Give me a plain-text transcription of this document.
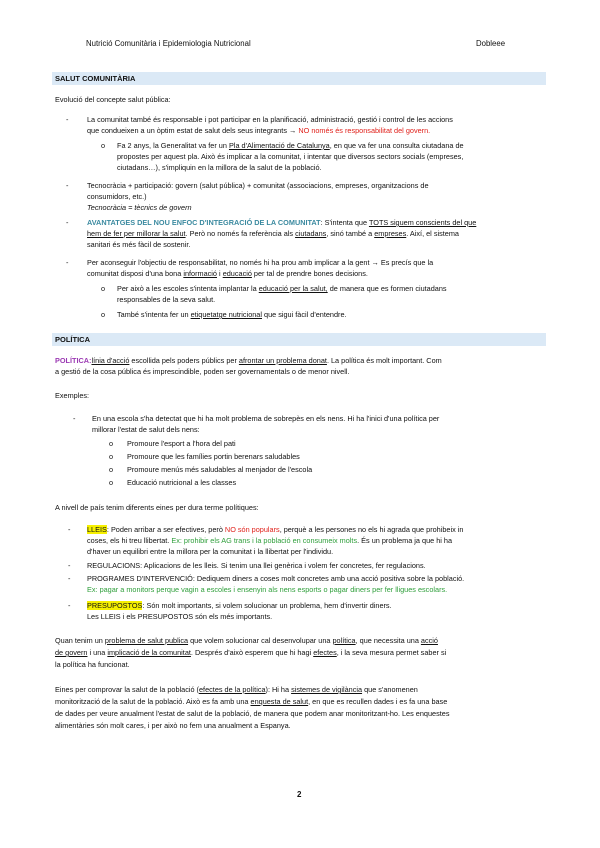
Nutrició Comunitària i Epidemiologia Nutricional	Dobleee
SALUT COMUNITÀRIA
Evolució del concepte salut pública:
-	La comunitat també és responsable i pot participar en la planificació, administració, gestió i control de les accions
que condueixen a un òptim estat de salut dels seus integrants → NO només és responsabilitat del govern.
o Fa 2 anys, la Generalitat va fer un Pla d'Alimentació de Catalunya, en que va fer una consulta ciutadana de
propostes per aquest pla. Això és implicar a la comunitat, i intentar que diversos sectors socials (empreses,
ciutadans…), s'impliquin en la millora de la salut de la població.
-	Tecnocràcia + participació: govern (salut pública) + comunitat (associacions, empreses, organitzacions de
consumidors, etc.)
Tecnocràcia = tècnics de govern
-	AVANTATGES DEL NOU ENFOC D'INTEGRACIÓ DE LA COMUNITAT: S'intenta que TOTS siguem conscients del que
hem de fer per millorar la salut. Però no només fa referència als ciutadans, sinó també a empreses. Així, el sistema
sanitari és més fàcil de sostenir.
-	Per aconseguir l'objectiu de responsabilitat, no només hi ha prou amb implicar a la gent → Es precís que la
comunitat disposi d'una bona informació i educació per tal de prendre bones decisions.
o Per això a les escoles s'intenta implantar la educació per la salut, de manera que es formen ciutadans
responsables de la seva salut.
o També s'intenta fer un etiquetatge nutricional que sigui fàcil d'entendre.
POLÍTICA
POLÍTICA:línia d'acció escollida pels poders públics per afrontar un problema donat. La política és molt important. Com
a gestió de la cosa pública és imprescindible, poden ser governamentals o de menor nivell.
Exemples:
- En una escola s'ha detectat que hi ha molt problema de sobrepès en els nens. Hi ha l'inici d'una política per
millorar l'estat de salut dels nens:
o Promoure l'esport a l'hora del pati
o Promoure que les famílies portin berenars saludables
o Promoure menús més saludables al menjador de l'escola
o Educació nutricional a les classes
A nivell de país tenim diferents eines per dura terme polítiques:
- LLEIS: Poden arribar a ser efectives, però NO són populars, perquè a les persones no els hi agrada que prohibeix in
coses, els hi treu llibertat. Ex: prohibir els AG trans i la població en consumeix molts. És un problema ja que hi ha
d'haver un equilibri entre la millora per la comunitat i la llibertat per l'individu.
- REGULACIONS: Aplicacions de les lleis. Si tenim una llei genèrica i volem fer concretes, fer regulacions.
- PROGRAMES D'INTERVENCIÓ: Dediquem diners a coses molt concretes amb una acció positiva sobre la població.
Ex: pagar a monitors perque vagin a escoles i ensenyin als nens esports o pagar diners per fer lligues escolars.
- PRESUPOSTOS: Són molt importants, si volem solucionar un problema, hem d'invertir diners.
Les LLEIS i els PRESUPOSTOS són els més importants.
Quan tenim un problema de salut publica que volem solucionar cal desenvolupar una política, que necessita una acció
de govern i una implicació de la comunitat. Després d'això esperem que hi hagi efectes, i la seva mesura permet saber si
la política ha funcionat.
Eines per comprovar la salut de la població (efectes de la política): Hi ha sistemes de vigilància que s'anomenen
monitorització de la salut de la població. Això es fa amb una enquesta de salut, en que es recullen dades i es fa una base
de dades per veure anualment l'estat de salut de la població, de manera que podem anar monitoritzant-ho. Les enquestes
alimentàries són molt cares, i per això no fem una anualment a Espanya.
2
